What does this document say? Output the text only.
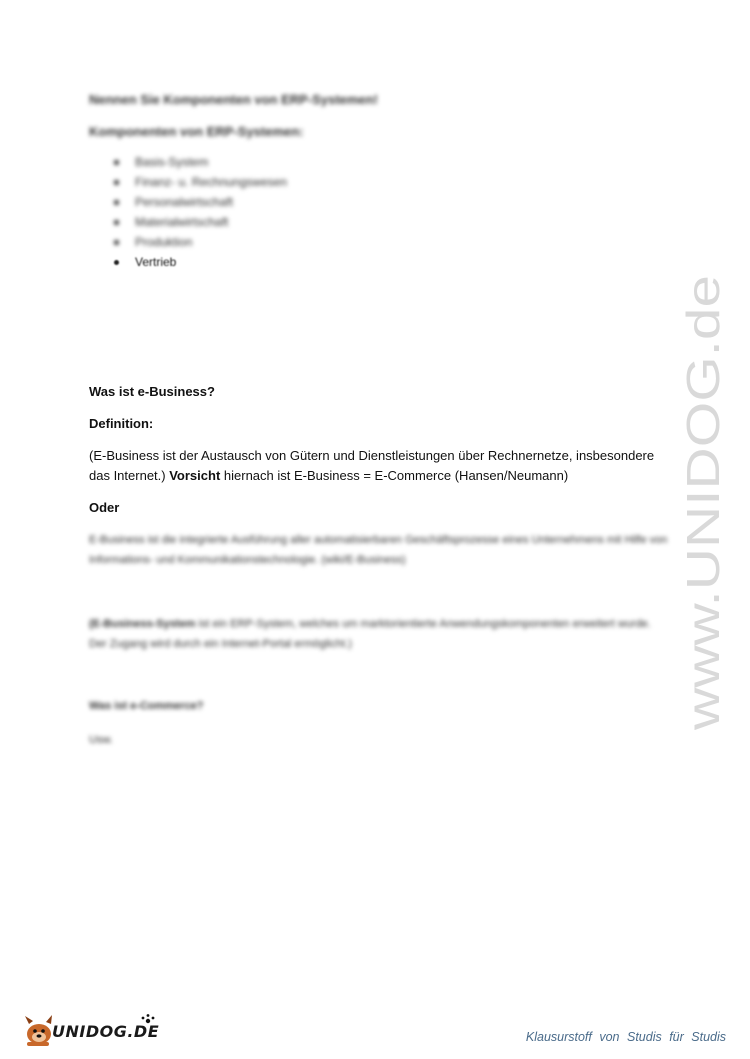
Nennen Sie Komponenten von ERP-Systemen!

Komponenten von ERP-Systemen:

Basis-System
Finanz- u. Rechnungswesen
Personalwirtschaft
Materialwirtschaft
Produktion
Vertrieb

Was ist e-Business?

Definition:

(E-Business ist der Austausch von Gütern und Dienstleistungen über Rechnernetze, insbesondere das Internet.) Vorsicht hiernach ist E-Business = E-Commerce (Hansen/Neumann)

Oder

E-Business ist die integrierte Ausführung aller automatisierbaren Geschäftsprozesse eines Unternehmens mit Hilfe von Informations- und Kommunikationstechnologie. (wiki/E-Business)

(E-Business-System ist ein ERP-System, welches um marktorientierte Anwendungskomponenten erweitert wurde. Der Zugang wird durch ein Internet-Portal ermöglicht.)

Was ist e-Commerce?

Usw.

www.UNIDOG.de
UNIDOG.DE	Klausurstoff von Studis für Studis
